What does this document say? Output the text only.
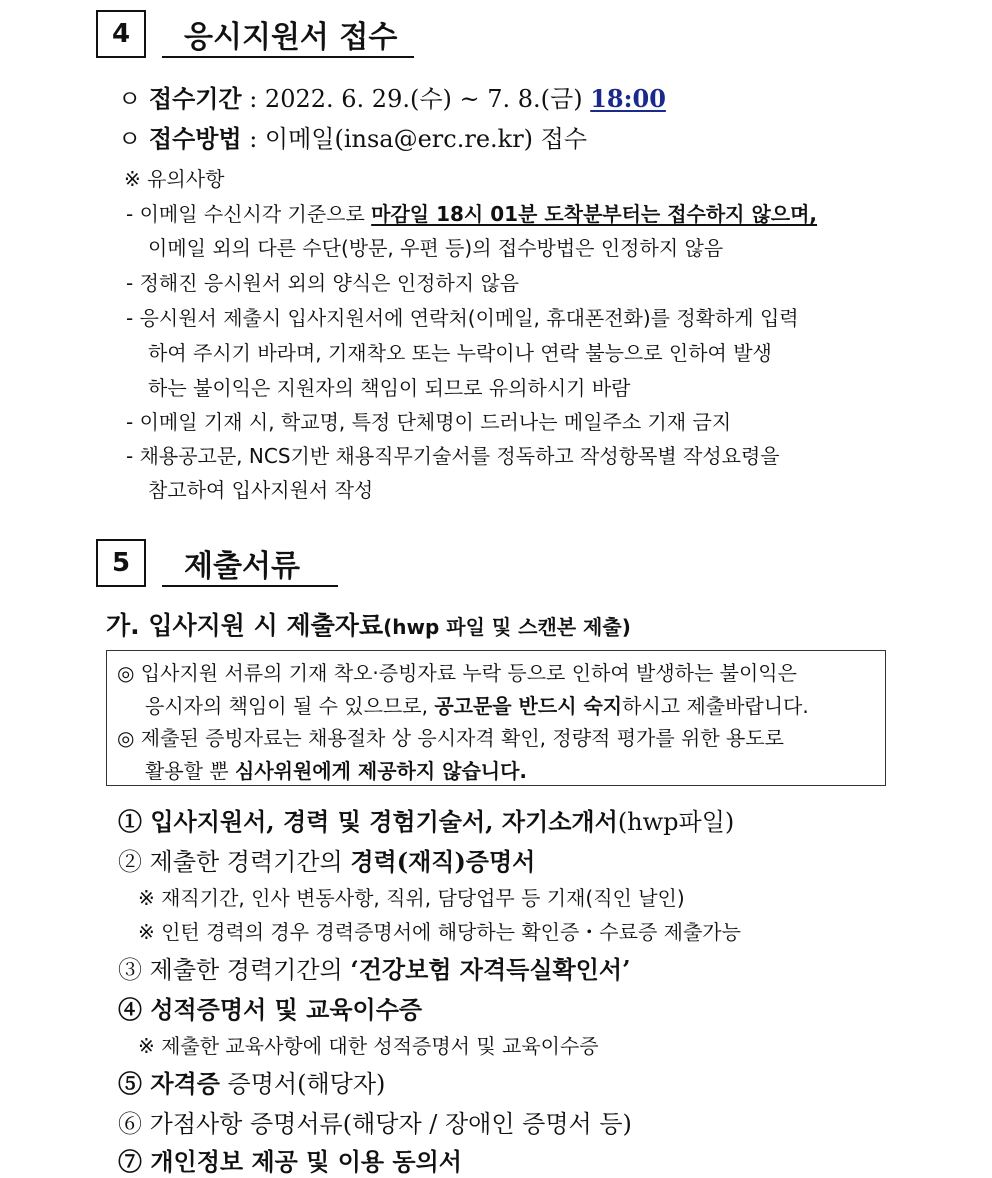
4	응시지원서 접수
ㅇ 접수기간 : 2022. 6. 29.(수) ~ 7. 8.(금) 18:00
ㅇ 접수방법 : 이메일(insa@erc.re.kr) 접수
※ 유의사항
- 이메일 수신시각 기준으로 마감일 18시 01분 도착분부터는 접수하지 않으며,
이메일 외의 다른 수단(방문, 우편 등)의 접수방법은 인정하지 않음
- 정해진 응시원서 외의 양식은 인정하지 않음
- 응시원서 제출시 입사지원서에 연락처(이메일, 휴대폰전화)를 정확하게 입력
하여 주시기 바라며, 기재착오 또는 누락이나 연락 불능으로 인하여 발생
하는 불이익은 지원자의 책임이 되므로 유의하시기 바람
- 이메일 기재 시, 학교명, 특정 단체명이 드러나는 메일주소 기재 금지
- 채용공고문, NCS기반 채용직무기술서를 정독하고 작성항목별 작성요령을
참고하여 입사지원서 작성
5	제출서류
가. 입사지원 시 제출자료(hwp 파일 및 스캔본 제출)
◎ 입사지원 서류의 기재 착오·증빙자료 누락 등으로 인하여 발생하는 불이익은
응시자의 책임이 될 수 있으므로, 공고문을 반드시 숙지하시고 제출바랍니다.
◎ 제출된 증빙자료는 채용절차 상 응시자격 확인, 정량적 평가를 위한 용도로
활용할 뿐 심사위원에게 제공하지 않습니다.
① 입사지원서, 경력 및 경험기술서, 자기소개서(hwp파일)
② 제출한 경력기간의 경력(재직)증명서
※ 재직기간, 인사 변동사항, 직위, 담당업무 등 기재(직인 날인)
※ 인턴 경력의 경우 경력증명서에 해당하는 확인증・수료증 제출가능
③ 제출한 경력기간의 ‘건강보험 자격득실확인서’
④ 성적증명서 및 교육이수증
※ 제출한 교육사항에 대한 성적증명서 및 교육이수증
⑤ 자격증 증명서(해당자)
⑥ 가점사항 증명서류(해당자 / 장애인 증명서 등)
⑦ 개인정보 제공 및 이용 동의서
